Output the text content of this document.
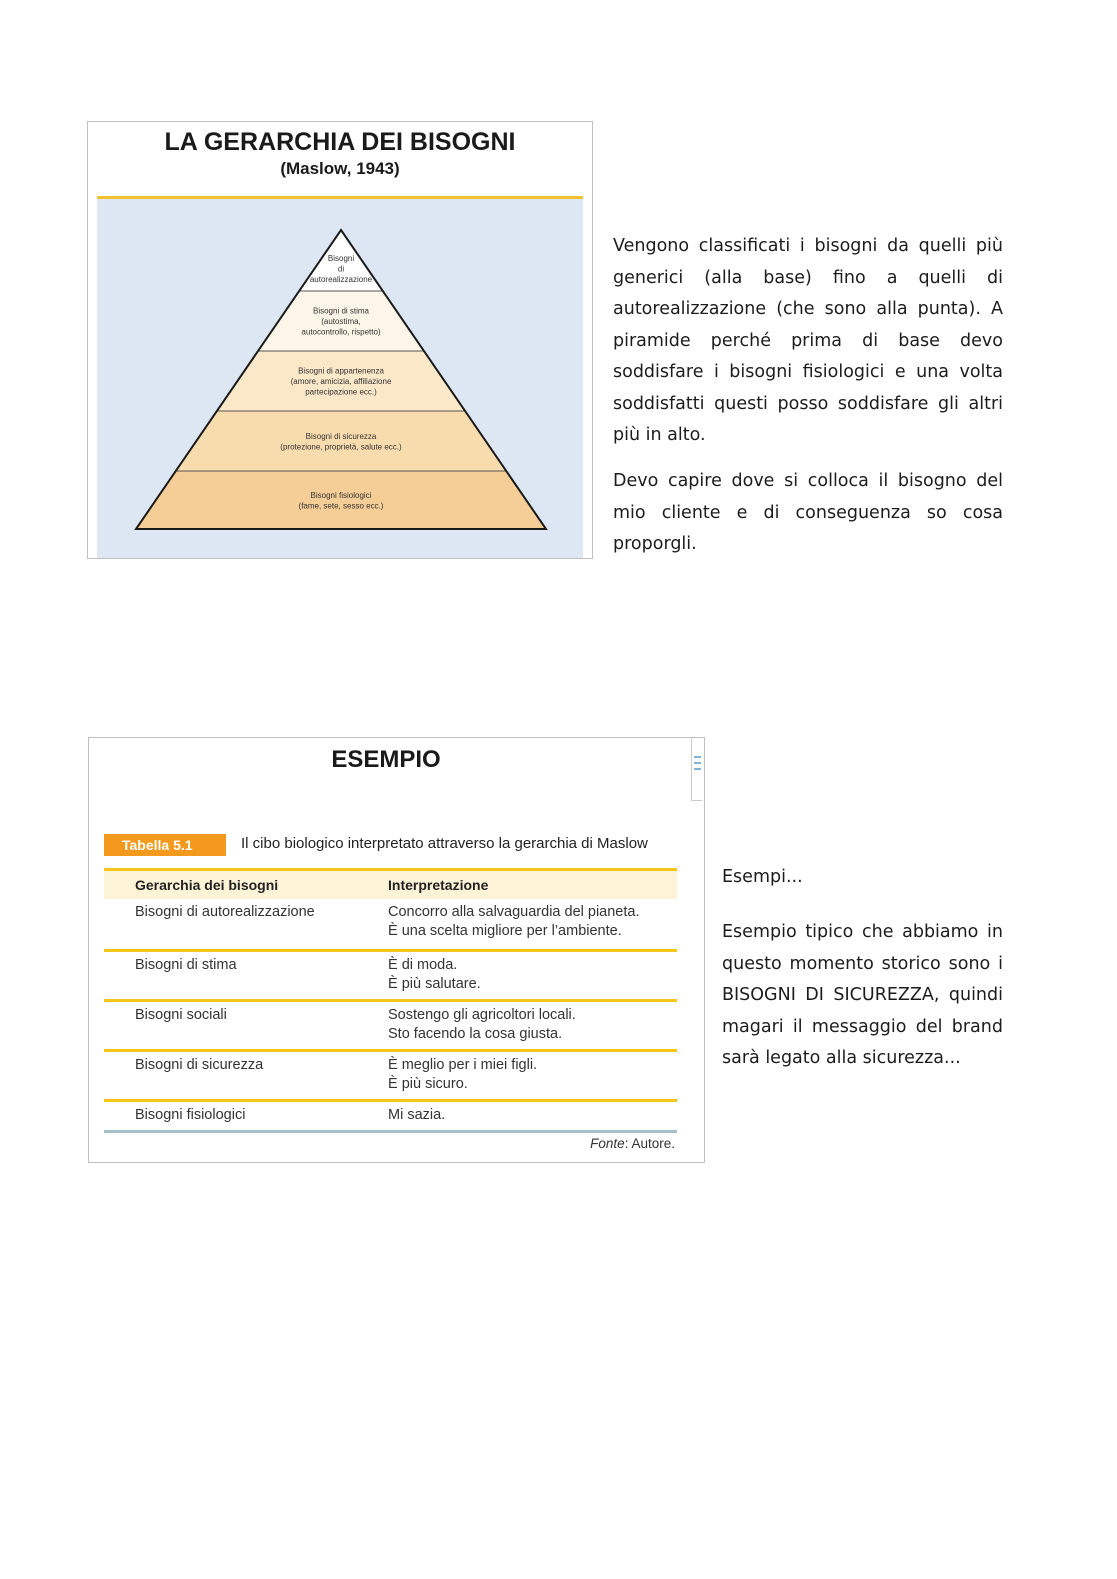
LA GERARCHIA DEI BISOGNI
(Maslow, 1943)
Bisogni
di
autorealizzazione
Bisogni di stima
(autostima,
autocontrollo, rispetto)
Bisogni di appartenenza
(amore, amicizia, affiliazione
partecipazione ecc.)
Bisogni di sicurezza
(protezione, proprietà, salute ecc.)
Bisogni fisiologici
(fame, sete, sesso ecc.)

Vengono classificati i bisogni da quelli più generici (alla base) fino a quelli di autorealizzazione (che sono alla punta). A piramide perché prima di base devo soddisfare i bisogni fisiologici e una volta soddisfatti questi posso soddisfare gli altri più in alto.

Devo capire dove si colloca il bisogno del mio cliente e di conseguenza so cosa proporgli.

ESEMPIO
Tabella 5.1	Il cibo biologico interpretato attraverso la gerarchia di Maslow
Gerarchia dei bisogni	Interpretazione
Bisogni di autorealizzazione	Concorro alla salvaguardia del pianeta.
È una scelta migliore per l’ambiente.
Bisogni di stima	È di moda.
È più salutare.
Bisogni sociali	Sostengo gli agricoltori locali.
Sto facendo la cosa giusta.
Bisogni di sicurezza	È meglio per i miei figli.
È più sicuro.
Bisogni fisiologici	Mi sazia.
Fonte: Autore.

Esempi...

Esempio tipico che abbiamo in questo momento storico sono i BISOGNI DI SICUREZZA, quindi magari il messaggio del brand sarà legato alla sicurezza...
